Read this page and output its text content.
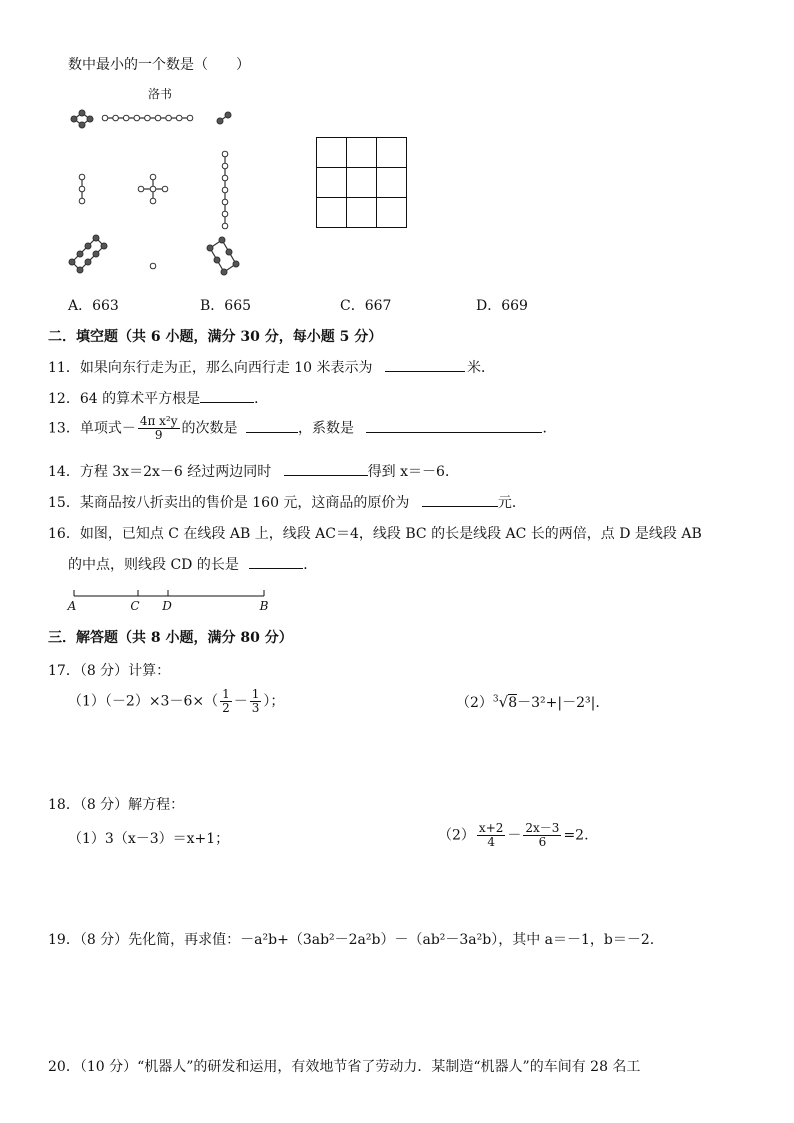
数中最小的一个数是（　　）
洛书
A．663	B．665	C．667	D．669
二．填空题（共 6 小题，满分 30 分，每小题 5 分）
11．如果向东行走为正，那么向西行走 10 米表示为	米．
12．64 的算术平方根是	．
13．单项式－ $\frac{\text{4π x²y}}{9}$ 的次数是	，系数是	．
14．方程 3x＝2x－6 经过两边同时	得到 x＝－6．
15．某商品按八折卖出的售价是 160 元，这商品的原价为	元．
16．如图，已知点 C 在线段 AB 上，线段 AC＝4，线段 BC 的长是线段 AC 长的两倍，点 D 是线段 AB
的中点，则线段 CD 的长是	．
A	C D	B
三．解答题（共 8 小题，满分 80 分）
17．（8 分）计算：
$(1)(-2)\times 3-6\times( \frac{1}{2} - \frac{1}{3}$ ）；	$(2)^3√8-3^2+|-2^3|$.
18．（8 分）解方程：
（1）3（x－3）＝x+1；	$(2) \frac{x+2}{4} - \frac{2x-3}{6} =2$.
19．（8 分）先化简，再求值：－a²b+（3ab²－2a²b）－（ab²－3a²b），其中 a＝－1，b＝－2.
20．（10 分）“机器人”的研发和运用，有效地节省了劳动力．某制造“机器人”的车间有 28 名工
